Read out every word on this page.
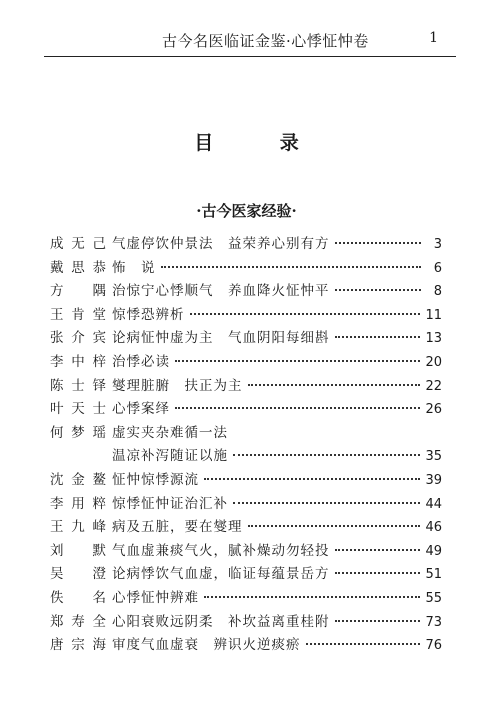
古今名医临证金鉴·心悸怔忡卷	1
目 录
·古今医家经验·
成无己 气虚停饮仲景法　益荣养心别有方	3
戴思恭 怖　说	6
方　隅 治惊宁心悸顺气　养血降火怔忡平	8
王肯堂 惊悸恐辨析	11
张介宾 论病怔忡虚为主　气血阴阳每细斟	13
李中梓 治悸必读	20
陈士铎 燮理脏腑　扶正为主	22
叶天士 心悸案绎	26
何梦瑶 虚实夹杂难循一法
温凉补泻随证以施	35
沈金鳌 怔忡惊悸源流	39
李用粹 惊悸怔忡证治汇补	44
王九峰 病及五脏，要在燮理	46
刘　默 气血虚兼痰气火，腻补燥动勿轻投	49
吴　澄 论病悸饮气血虚，临证每蕴景岳方	51
佚　名 心悸怔忡辨难	55
郑寿全 心阳衰败远阴柔　补坎益离重桂附	73
唐宗海 审度气血虚衰　辨识火逆痰瘀	76
